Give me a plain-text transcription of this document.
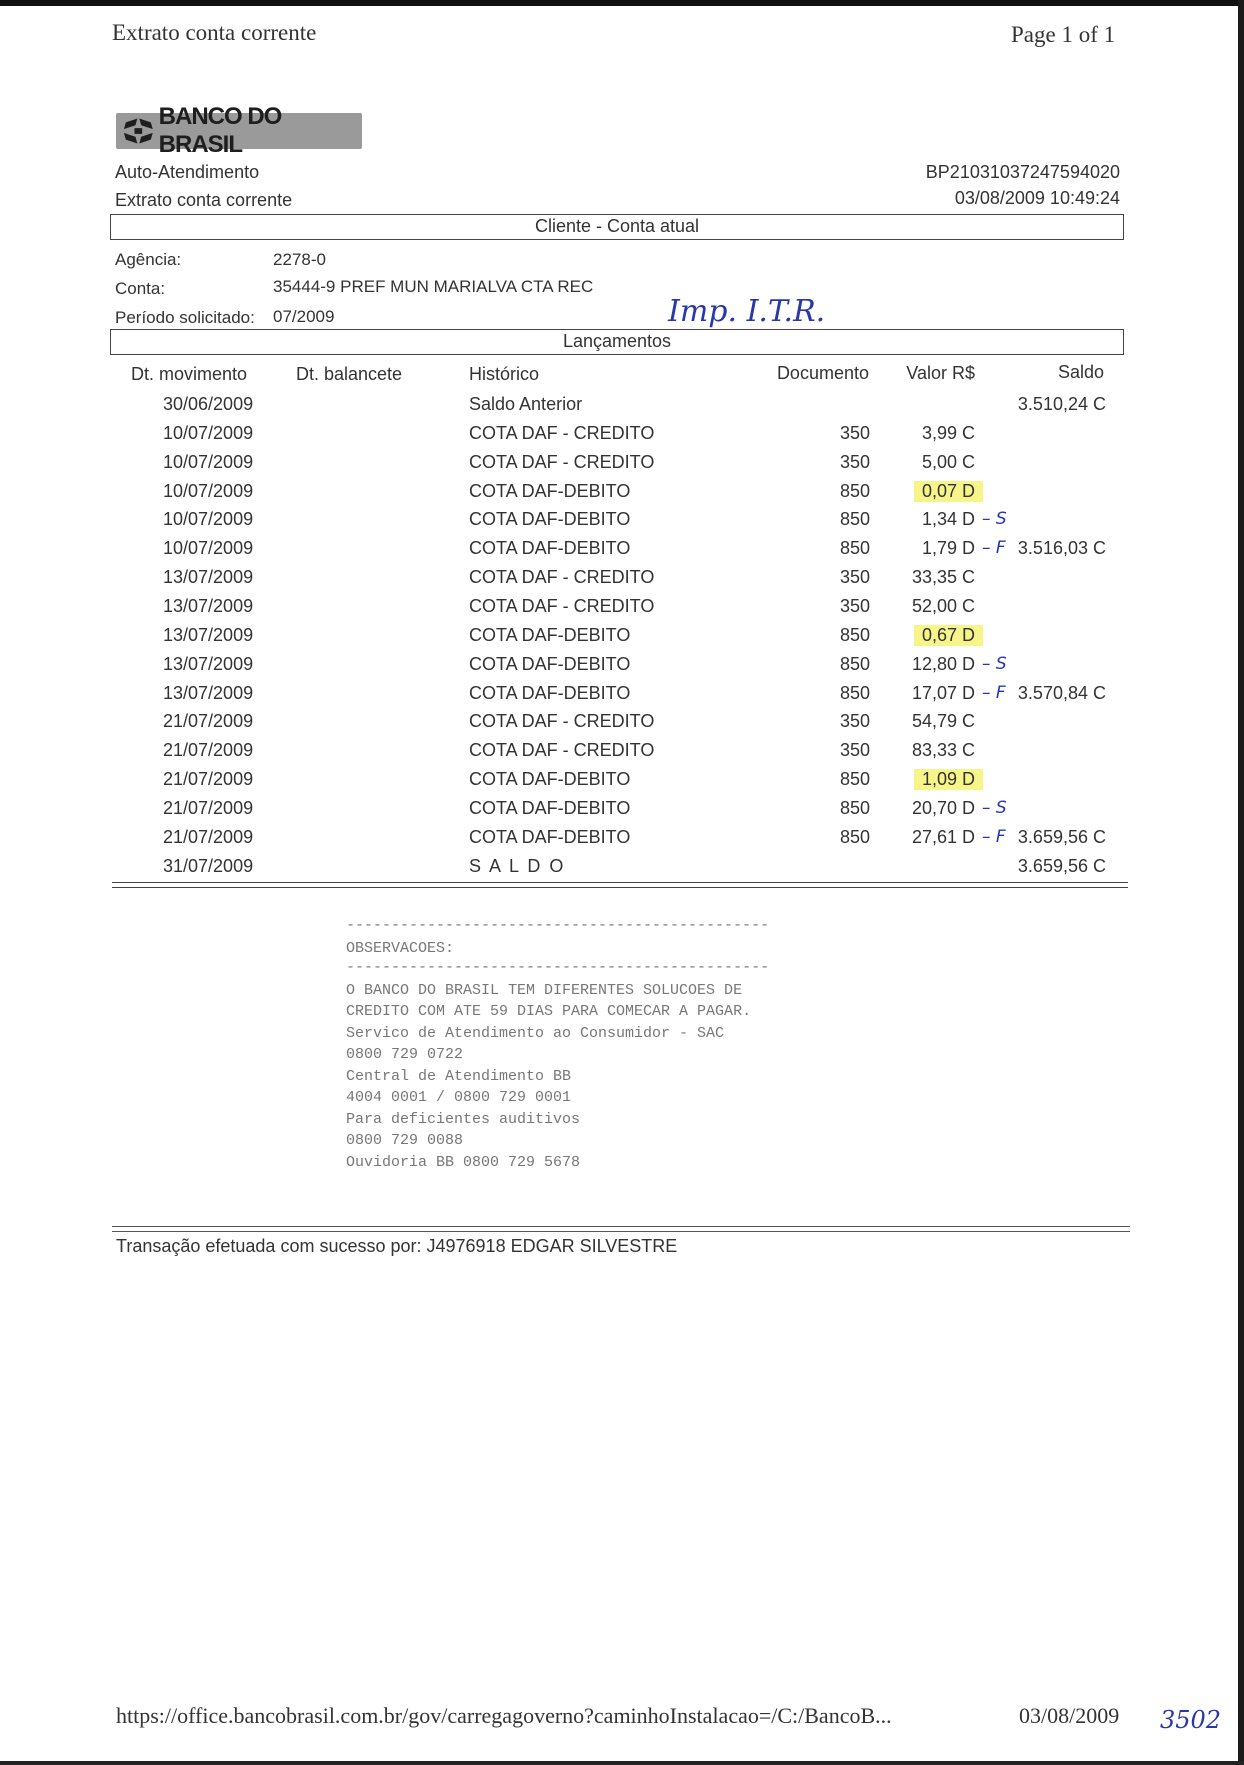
Extrato conta corrente	Page 1 of 1
BANCO DO BRASIL
Auto-Atendimento
Extrato conta corrente
BP21031037247594020
03/08/2009 10:49:24
Cliente - Conta atual
Agência:	2278-0
Conta:	35444-9 PREF MUN MARIALVA CTA REC
Período solicitado: 07/2009	Imp. I.T.R.
Lançamentos
Dt. movimento	Dt. balancete	Histórico	Documento Valor R$	Saldo
30/06/2009	Saldo Anterior	3.510,24 C
10/07/2009	COTA DAF - CREDITO	350	3,99 C
10/07/2009	COTA DAF - CREDITO	350	5,00 C
10/07/2009	COTA DAF-DEBITO	850	0,07 D
10/07/2009	COTA DAF-DEBITO	850	1,34 D – S
10/07/2009	COTA DAF-DEBITO	850	1,79 D – F 3.516,03 C
13/07/2009	COTA DAF - CREDITO	350 33,35 C
13/07/2009	COTA DAF - CREDITO	350 52,00 C
13/07/2009	COTA DAF-DEBITO	850	0,67 D
13/07/2009	COTA DAF-DEBITO	850 12,80 D – S
13/07/2009	COTA DAF-DEBITO	850 17,07 D – F 3.570,84 C
21/07/2009	COTA DAF - CREDITO	350 54,79 C
21/07/2009	COTA DAF - CREDITO	350 83,33 C
21/07/2009	COTA DAF-DEBITO	850	1,09 D
21/07/2009	COTA DAF-DEBITO	850 20,70 D – S
21/07/2009	COTA DAF-DEBITO	850 27,61 D – F 3.659,56 C
31/07/2009	S A L D O	3.659,56 C
-----------------------------------------------
OBSERVACOES:
-----------------------------------------------
O BANCO DO BRASIL TEM DIFERENTES SOLUCOES DE
CREDITO COM ATE 59 DIAS PARA COMECAR A PAGAR.
Servico de Atendimento ao Consumidor - SAC
0800 729 0722
Central de Atendimento BB
4004 0001 / 0800 729 0001
Para deficientes auditivos
0800 729 0088
Ouvidoria BB 0800 729 5678
Transação efetuada com sucesso por: J4976918 EDGAR SILVESTRE
https://office.bancobrasil.com.br/gov/carregagoverno?caminhoInstalacao=/C:/BancoB...	03/08/2009 3502
